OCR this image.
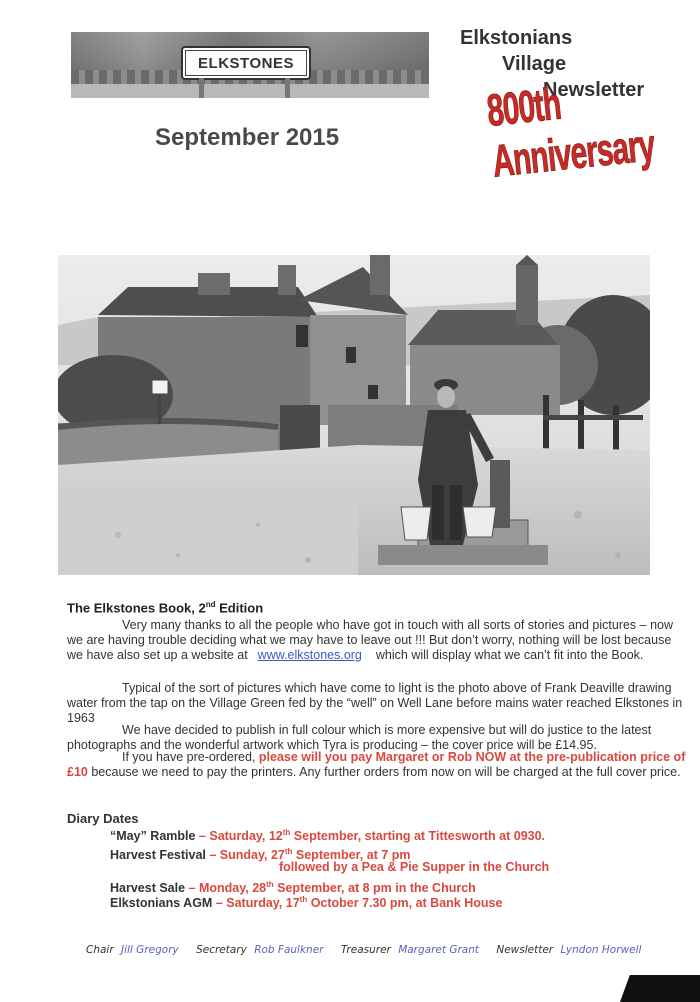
ELKSTONES
Elkstonians
Village
Newsletter
800th Anniversary
September 2015
The Elkstones Book, 2nd Edition

Very many thanks to all the people who have got in touch with all sorts of stories and pictures – now we are having trouble deciding what we may have to leave out !!! But don’t worry, nothing will be lost because we have also set up a website at www.elkstones.org which will display what we can’t fit into the Book.

Typical of the sort of pictures which have come to light is the photo above of Frank Deaville drawing water from the tap on the Village Green fed by the “well” on Well Lane before mains water reached Elkstones in 1963

We have decided to publish in full colour which is more expensive but will do justice to the latest photographs and the wonderful artwork which Tyra is producing – the cover price will be £14.95.

If you have pre-ordered, please will you pay Margaret or Rob NOW at the pre-publication price of £10 because we need to pay the printers. Any further orders from now on will be charged at the full cover price.

Diary Dates
“May” Ramble – Saturday, 12th September, starting at Tittesworth at 0930.
Harvest Festival – Sunday, 27th September, at 7 pm
followed by a Pea & Pie Supper in the Church
Harvest Sale – Monday, 28th September, at 8 pm in the Church
Elkstonians AGM – Saturday, 17th October 7.30 pm, at Bank House
Chair Jill Gregory Secretary Rob Faulkner Treasurer Margaret Grant Newsletter Lyndon Horwell
